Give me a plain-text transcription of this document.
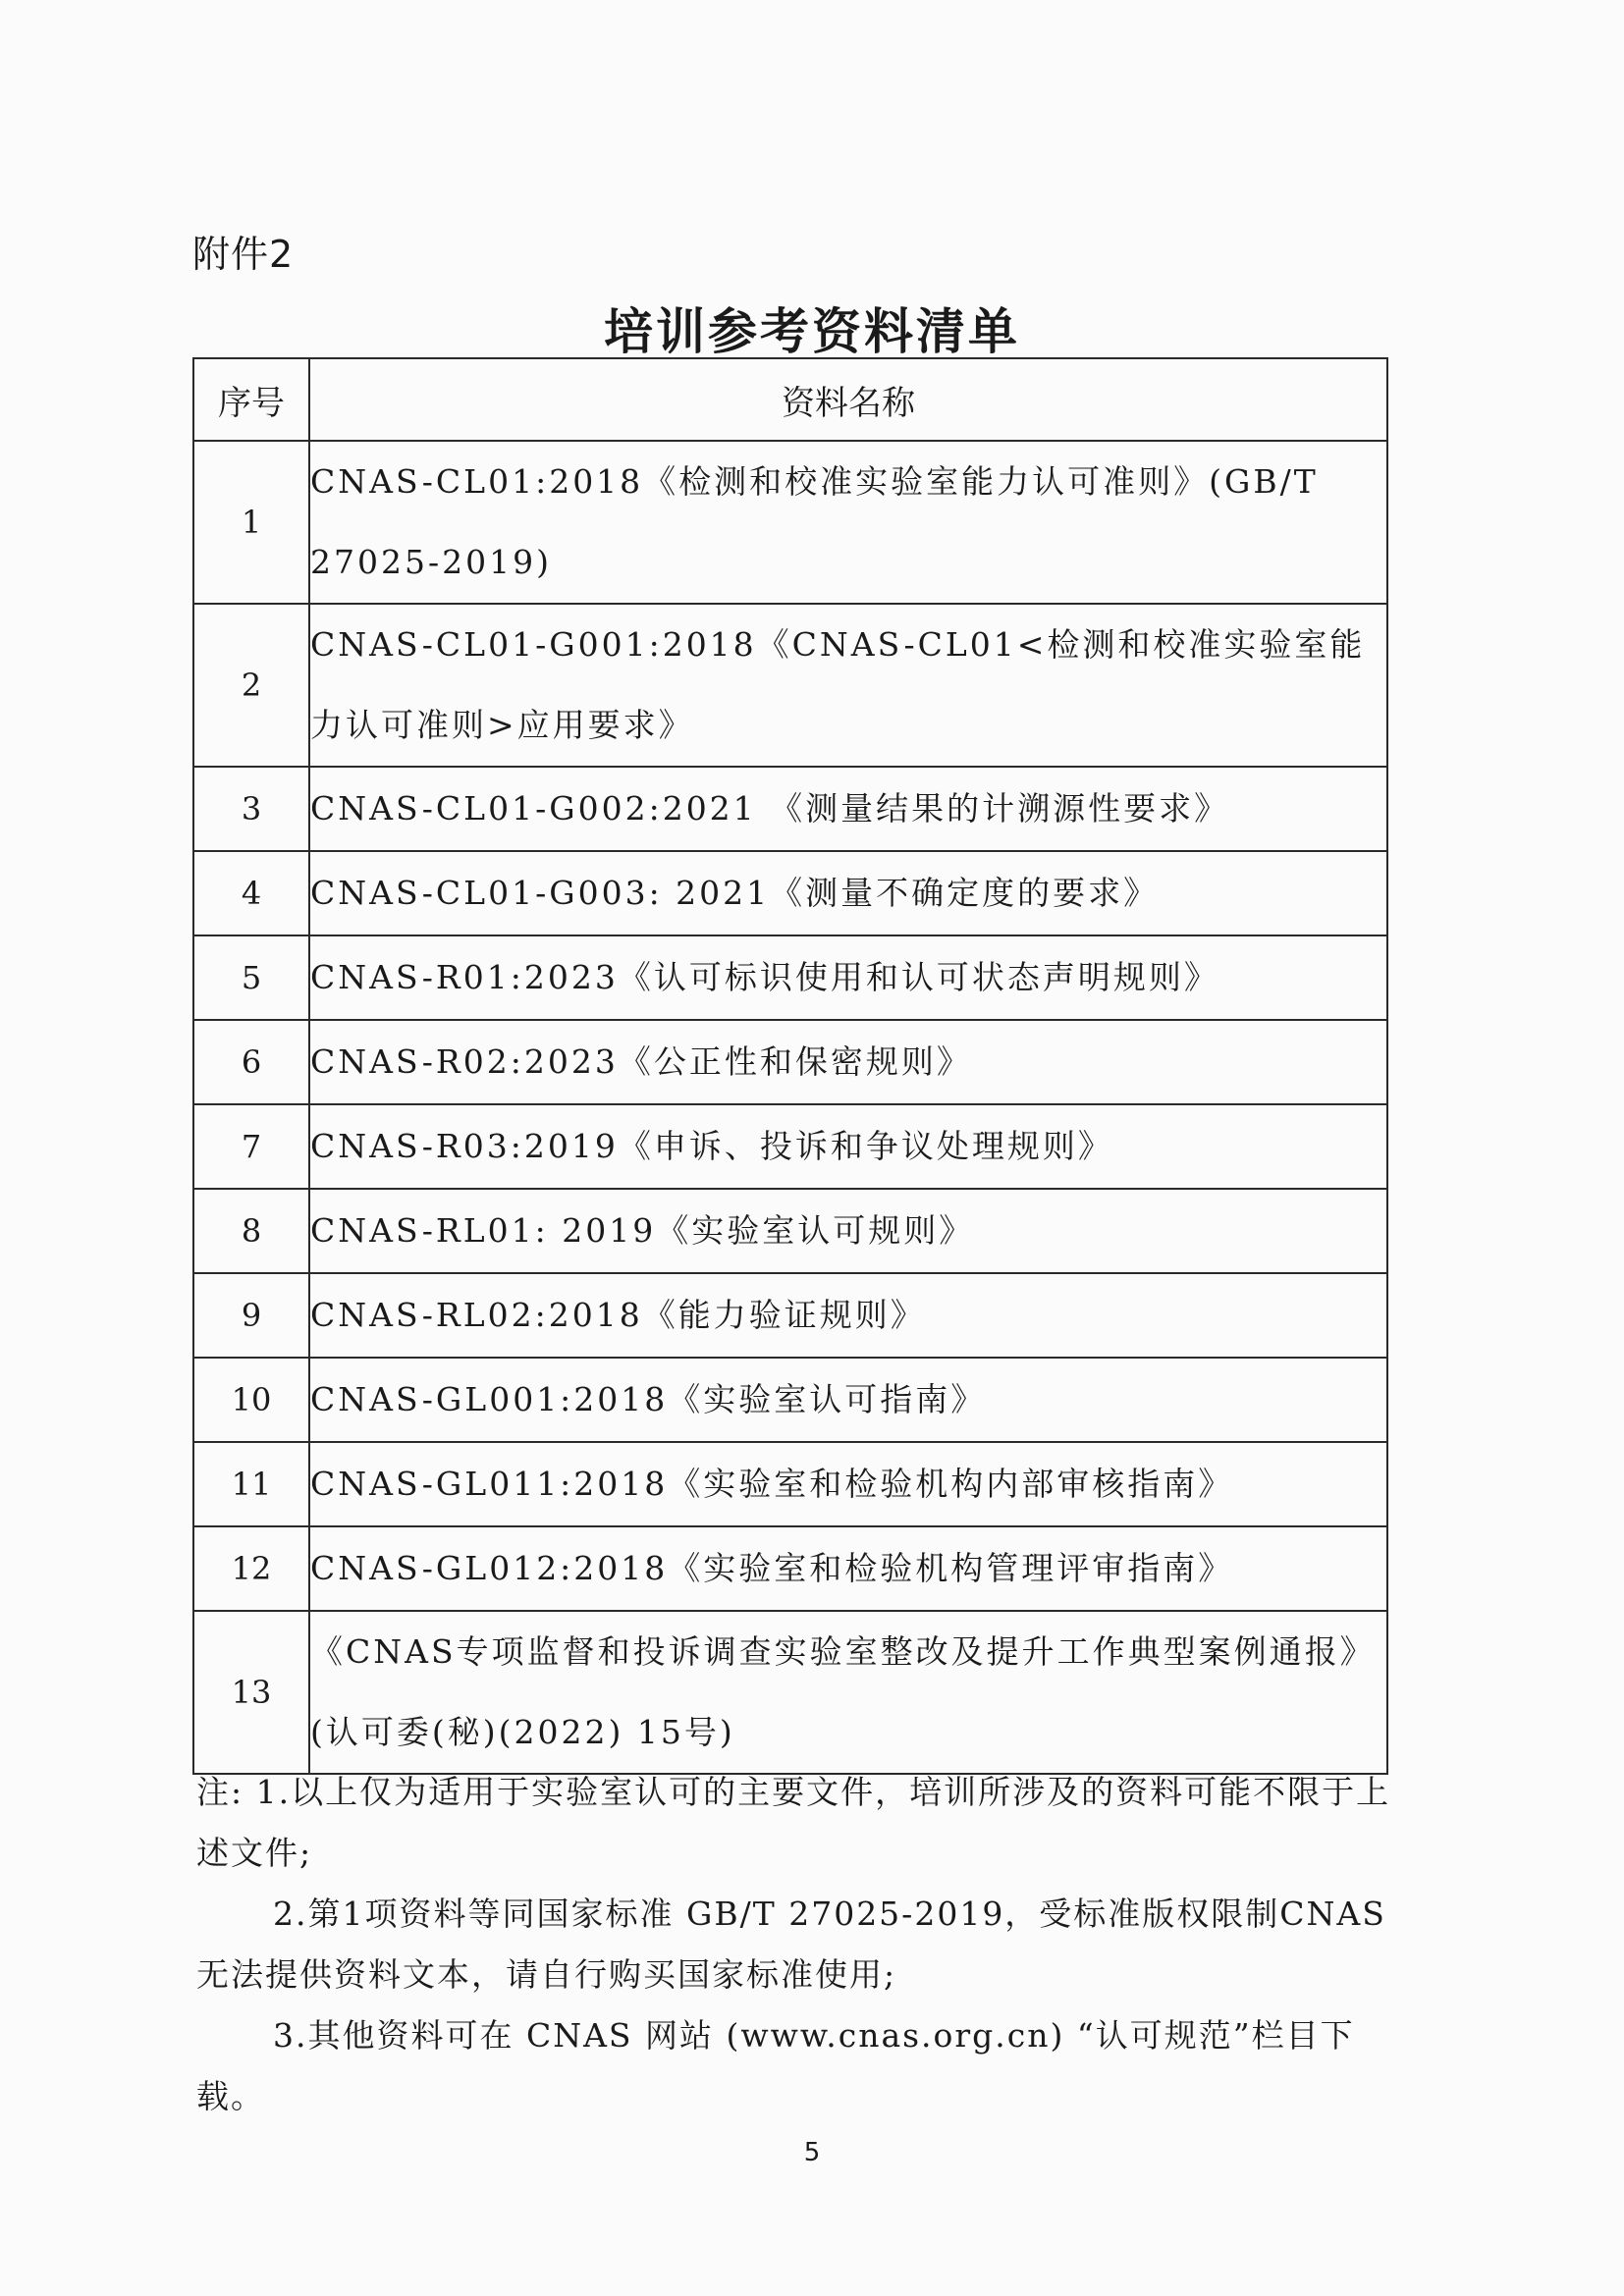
附件2
培训参考资料清单
序号	资料名称
1	CNAS-CL01:2018《检测和校准实验室能力认可准则》(GB/T 27025-2019)
2	CNAS-CL01-G001:2018《CNAS-CL01<检测和校准实验室能力认可准则>应用要求》
3	CNAS-CL01-G002:2021 《测量结果的计溯源性要求》
4	CNAS-CL01-G003: 2021《测量不确定度的要求》
5	CNAS-R01:2023《认可标识使用和认可状态声明规则》
6	CNAS-R02:2023《公正性和保密规则》
7	CNAS-R03:2019《申诉、投诉和争议处理规则》
8	CNAS-RL01: 2019《实验室认可规则》
9	CNAS-RL02:2018《能力验证规则》
10	CNAS-GL001:2018《实验室认可指南》
11	CNAS-GL011:2018《实验室和检验机构内部审核指南》
12	CNAS-GL012:2018《实验室和检验机构管理评审指南》
13	《CNAS专项监督和投诉调查实验室整改及提升工作典型案例通报》(认可委(秘)(2022) 15号)

注: 1.以上仅为适用于实验室认可的主要文件，培训所涉及的资料可能不限于上述文件;

2.第1项资料等同国家标准 GB/T 27025-2019，受标准版权限制CNAS无法提供资料文本，请自行购买国家标准使用;

3.其他资料可在 CNAS 网站 (www.cnas.org.cn) “认可规范”栏目下载。

5
